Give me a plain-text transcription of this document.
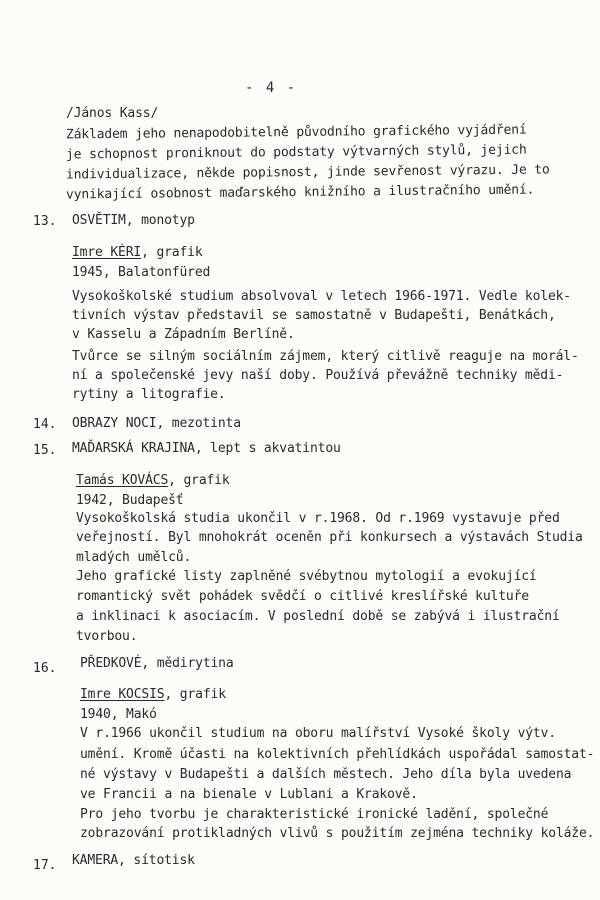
- 4 -
/János Kass/
Základem jeho nenapodobitelně původního grafického vyjádření
je schopnost proniknout do podstaty výtvarných stylů, jejich
individualizace, někde popisnost, jinde sevřenost výrazu. Je to
vynikající osobnost maďarského knižního a ilustračního umění.
13. OSVĚTIM, monotyp
Imre KÉRI, grafik
1945, Balatonfüred
Vysokoškolské studium absolvoval v letech 1966-1971. Vedle kolek-
tivních výstav představil se samostatně v Budapešti, Benátkách,
v Kasselu a Západním Berlíně.
Tvůrce se silným sociálním zájmem, který citlivě reaguje na morál-
ní a společenské jevy naší doby. Používá převážně techniky mědi-
rytiny a litografie.
14. OBRAZY NOCI, mezotinta
15. MAĎARSKÁ KRAJINA, lept s akvatintou
Tamás KOVÁCS, grafik
1942, Budapešť
Vysokoškolská studia ukončil v r.1968. Od r.1969 vystavuje před
veřejností. Byl mnohokrát oceněn při konkursech a výstavách Studia
mladých umělců.
Jeho grafické listy zaplněné svébytnou mytologií a evokující
romantický svět pohádek svědčí o citlivé kreslířské kultuře
a inklinaci k asociacím. V poslední době se zabývá i ilustrační
tvorbou.
16. PŘEDKOVÉ, mědirytina
Imre KOCSIS, grafik
1940, Makó
V r.1966 ukončil studium na oboru malířství Vysoké školy výtv.
umění. Kromě účasti na kolektivních přehlídkách uspořádal samostat-
né výstavy v Budapešti a dalších městech. Jeho díla byla uvedena
ve Francii a na bienale v Lublani a Krakově.
Pro jeho tvorbu je charakteristické ironické ladění, společné
zobrazování protikladných vlivů s použitím zejména techniky koláže.
17. KAMERA, sítotisk
